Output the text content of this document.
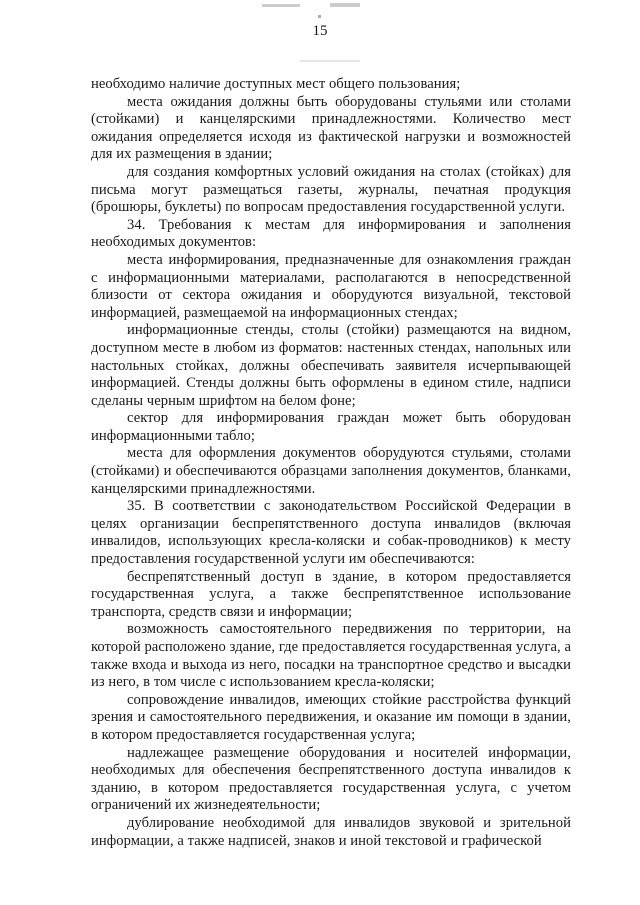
15

необходимо наличие доступных мест общего пользования;

места ожидания должны быть оборудованы стульями или столами (стойками) и канцелярскими принадлежностями. Количество мест ожидания определяется исходя из фактической нагрузки и возможностей для их размещения в здании;

для создания комфортных условий ожидания на столах (стойках) для письма могут размещаться газеты, журналы, печатная продукция (брошюры, буклеты) по вопросам предоставления государственной услуги.

34. Требования к местам для информирования и заполнения необходимых документов:

места информирования, предназначенные для ознакомления граждан с информационными материалами, располагаются в непосредственной близости от сектора ожидания и оборудуются визуальной, текстовой информацией, размещаемой на информационных стендах;

информационные стенды, столы (стойки) размещаются на видном, доступном месте в любом из форматов: настенных стендах, напольных или настольных стойках, должны обеспечивать заявителя исчерпывающей информацией. Стенды должны быть оформлены в едином стиле, надписи сделаны черным шрифтом на белом фоне;

сектор для информирования граждан может быть оборудован информационными табло;

места для оформления документов оборудуются стульями, столами (стойками) и обеспечиваются образцами заполнения документов, бланками, канцелярскими принадлежностями.

35. В соответствии с законодательством Российской Федерации в целях организации беспрепятственного доступа инвалидов (включая инвалидов, использующих кресла-коляски и собак-проводников) к месту предоставления государственной услуги им обеспечиваются:

беспрепятственный доступ в здание, в котором предоставляется государственная услуга, а также беспрепятственное использование транспорта, средств связи и информации;

возможность самостоятельного передвижения по территории, на которой расположено здание, где предоставляется государственная услуга, а также входа и выхода из него, посадки на транспортное средство и высадки из него, в том числе с использованием кресла-коляски;

сопровождение инвалидов, имеющих стойкие расстройства функций зрения и самостоятельного передвижения, и оказание им помощи в здании, в котором предоставляется государственная услуга;

надлежащее размещение оборудования и носителей информации, необходимых для обеспечения беспрепятственного доступа инвалидов к зданию, в котором предоставляется государственная услуга, с учетом ограничений их жизнедеятельности;

дублирование необходимой для инвалидов звуковой и зрительной информации, а также надписей, знаков и иной текстовой и графической
